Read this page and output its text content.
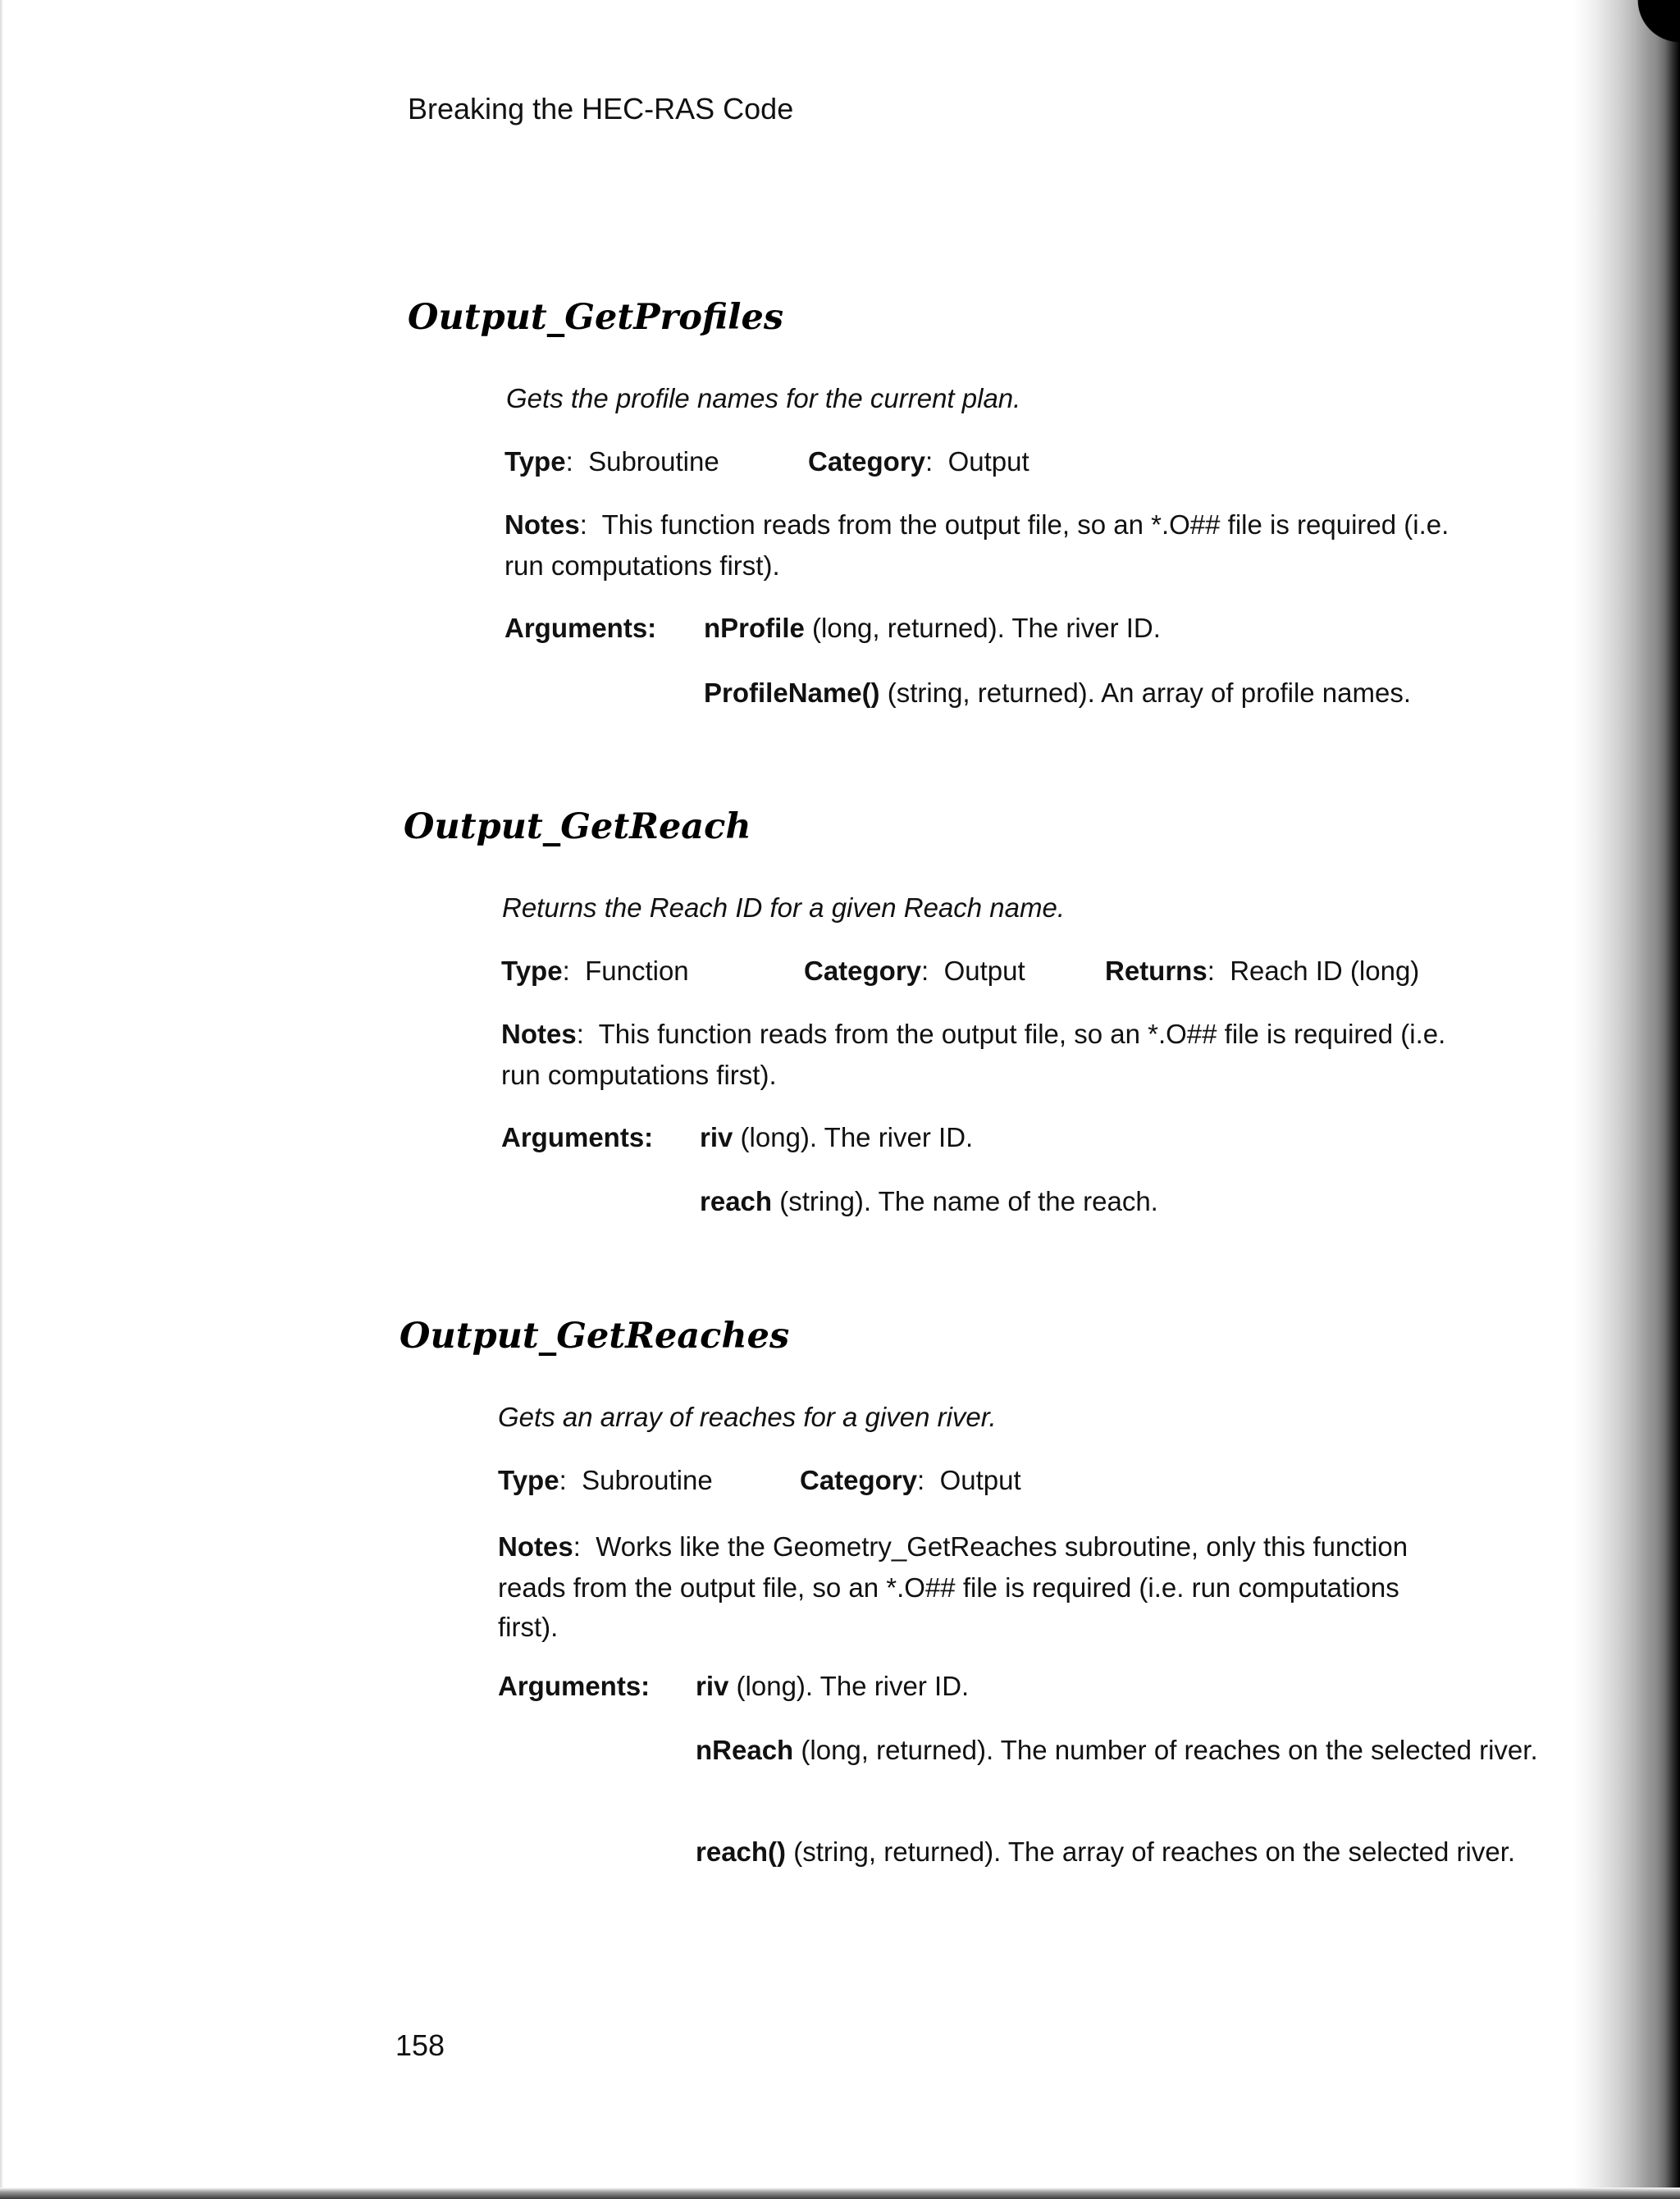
Breaking the HEC-RAS Code
Output_GetProfiles
Gets the profile names for the current plan.
Type:  Subroutine	Category:  Output
Notes:  This function reads from the output file, so an *.O## file is required (i.e.
run computations first).
Arguments: nProfile (long, returned). The river ID.
ProfileName() (string, returned). An array of profile names.
Output_GetReach
Returns the Reach ID for a given Reach name.
Type:  Function	Category:  Output	Returns:  Reach ID (long)
Notes:  This function reads from the output file, so an *.O## file is required (i.e.
run computations first).
Arguments: riv (long). The river ID.
reach (string). The name of the reach.
Output_GetReaches
Gets an array of reaches for a given river.
Type:  Subroutine	Category:  Output
Notes:  Works like the Geometry_GetReaches subroutine, only this function
reads from the output file, so an *.O## file is required (i.e. run computations
first).
Arguments: riv (long). The river ID.
nReach (long, returned). The number of reaches on the selected river.
reach() (string, returned). The array of reaches on the selected river.
158
